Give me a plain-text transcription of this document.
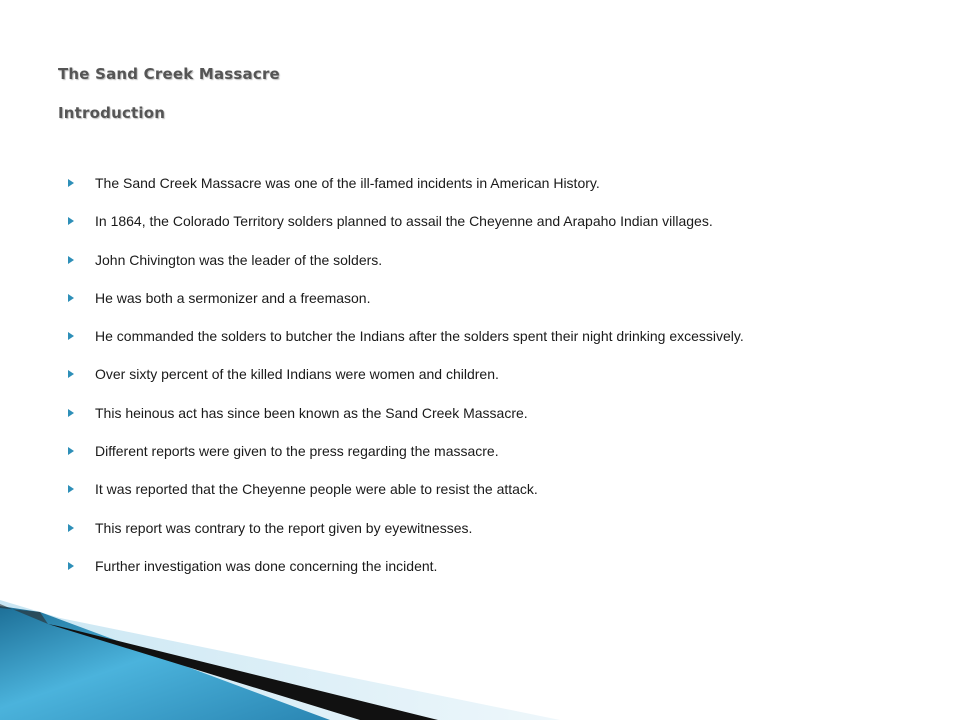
The Sand Creek Massacre

Introduction

The Sand Creek Massacre was one of the ill-famed incidents in American History.
In 1864, the Colorado Territory solders planned to assail the Cheyenne and Arapaho Indian villages.
John Chivington was the leader of the solders.
He was both a sermonizer and a freemason.
He commanded the solders to butcher the Indians after the solders spent their night drinking excessively.
Over sixty percent of the killed Indians were women and children.
This heinous act has since been known as the Sand Creek Massacre.
Different reports were given to the press regarding the massacre.
It was reported that the Cheyenne people were able to resist the attack.
This report was contrary to the report given by eyewitnesses.
Further investigation was done concerning the incident.
